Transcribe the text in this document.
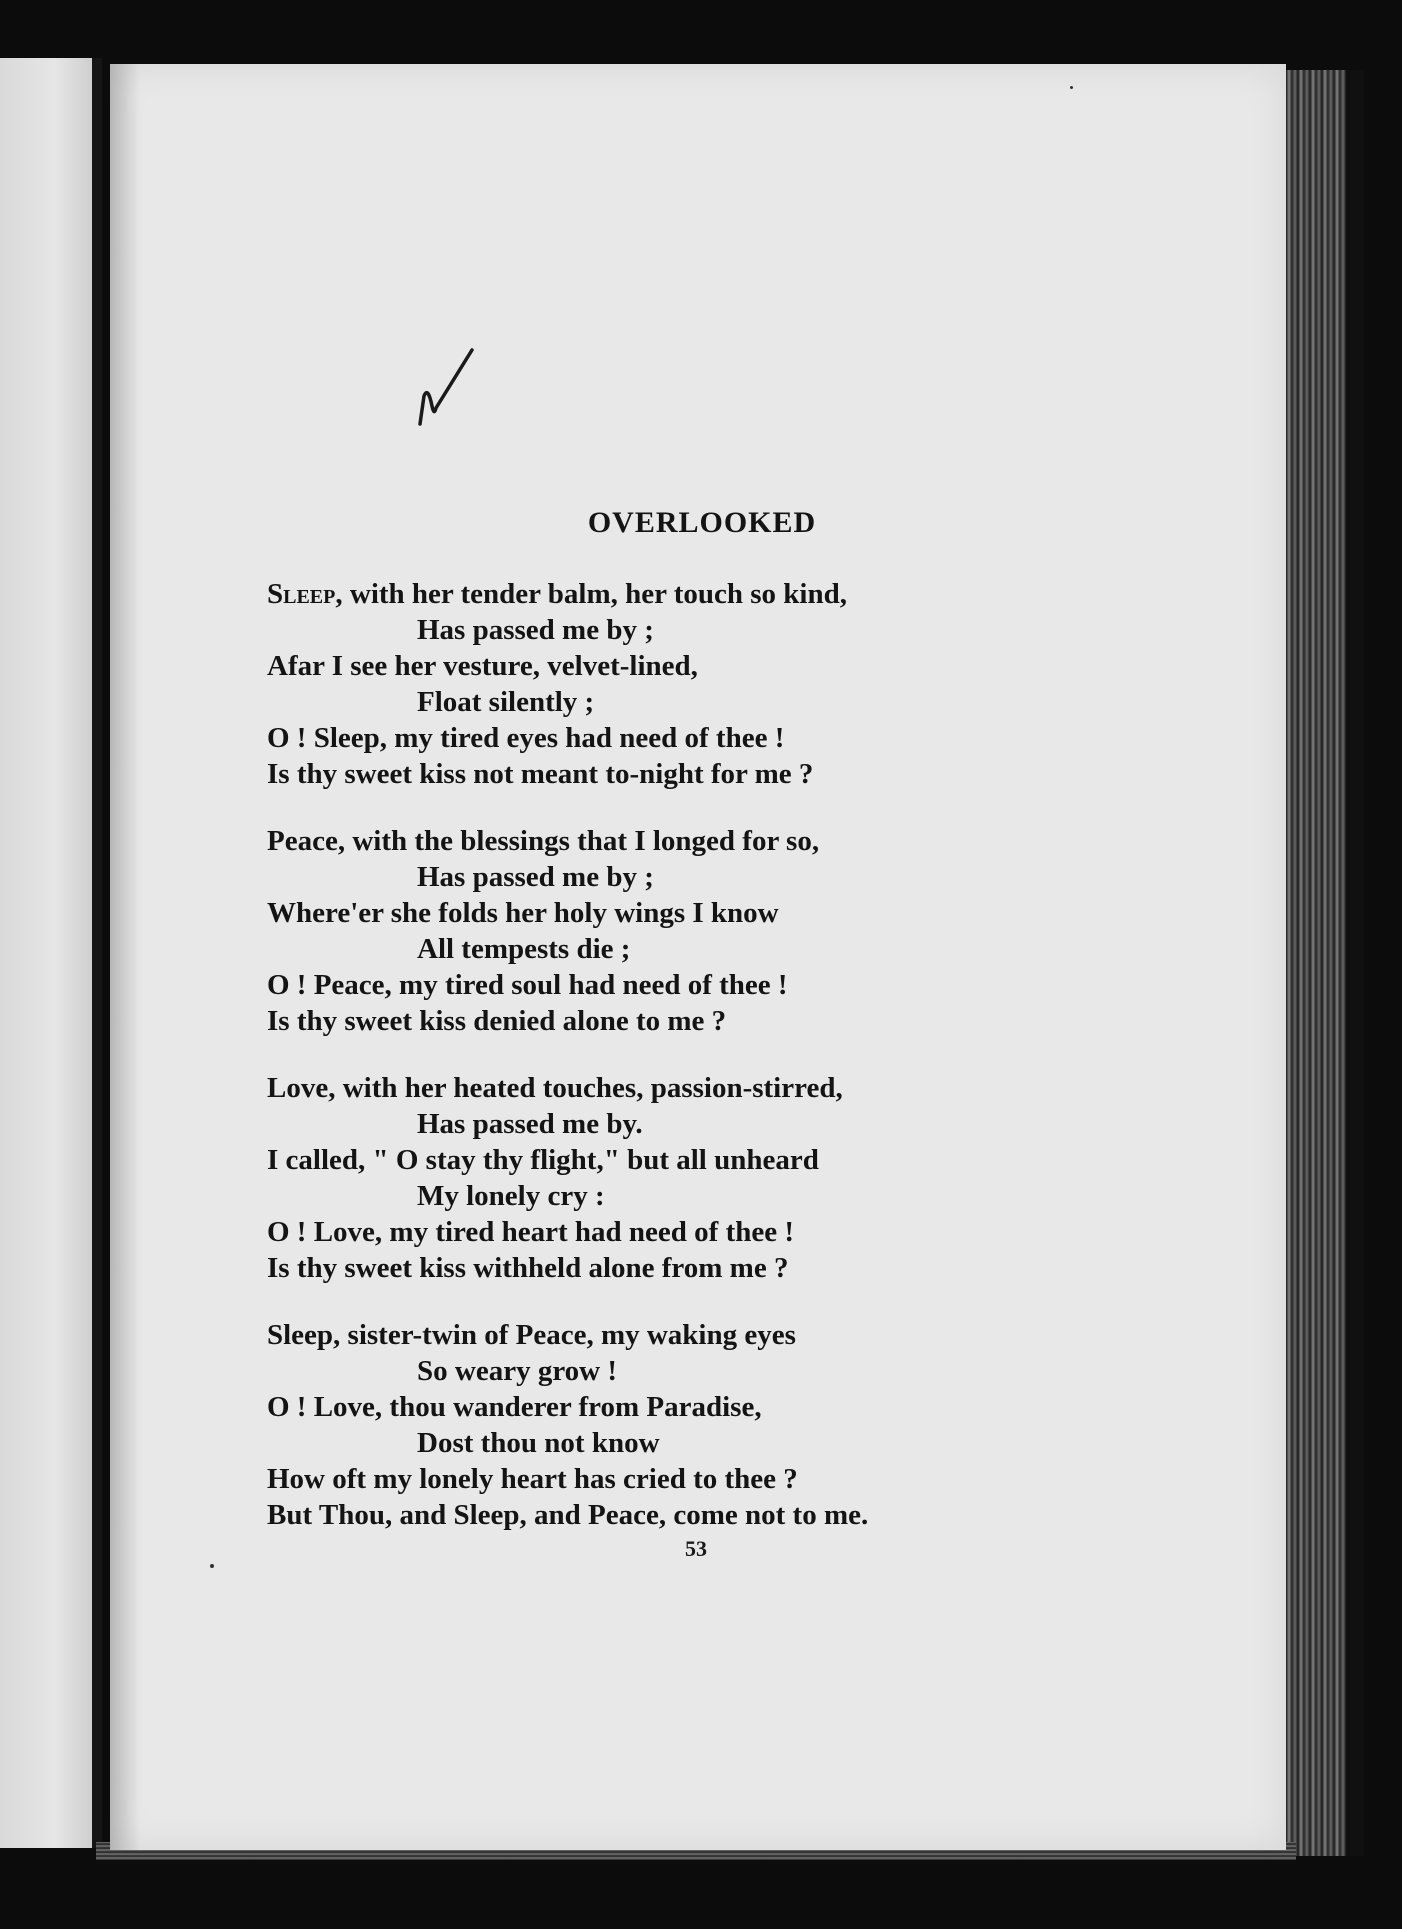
OVERLOOKED
Sleep, with her tender balm, her touch so kind,
Has passed me by ;
Afar I see her vesture, velvet-lined,
Float silently ;
O ! Sleep, my tired eyes had need of thee !
Is thy sweet kiss not meant to-night for me ?
Peace, with the blessings that I longed for so,
Has passed me by ;
Where'er she folds her holy wings I know
All tempests die ;
O ! Peace, my tired soul had need of thee !
Is thy sweet kiss denied alone to me ?
Love, with her heated touches, passion-stirred,
Has passed me by.
I called, " O stay thy flight," but all unheard
My lonely cry :
O ! Love, my tired heart had need of thee !
Is thy sweet kiss withheld alone from me ?
Sleep, sister-twin of Peace, my waking eyes
So weary grow !
O ! Love, thou wanderer from Paradise,
Dost thou not know
How oft my lonely heart has cried to thee ?
But Thou, and Sleep, and Peace, come not to me.
53
